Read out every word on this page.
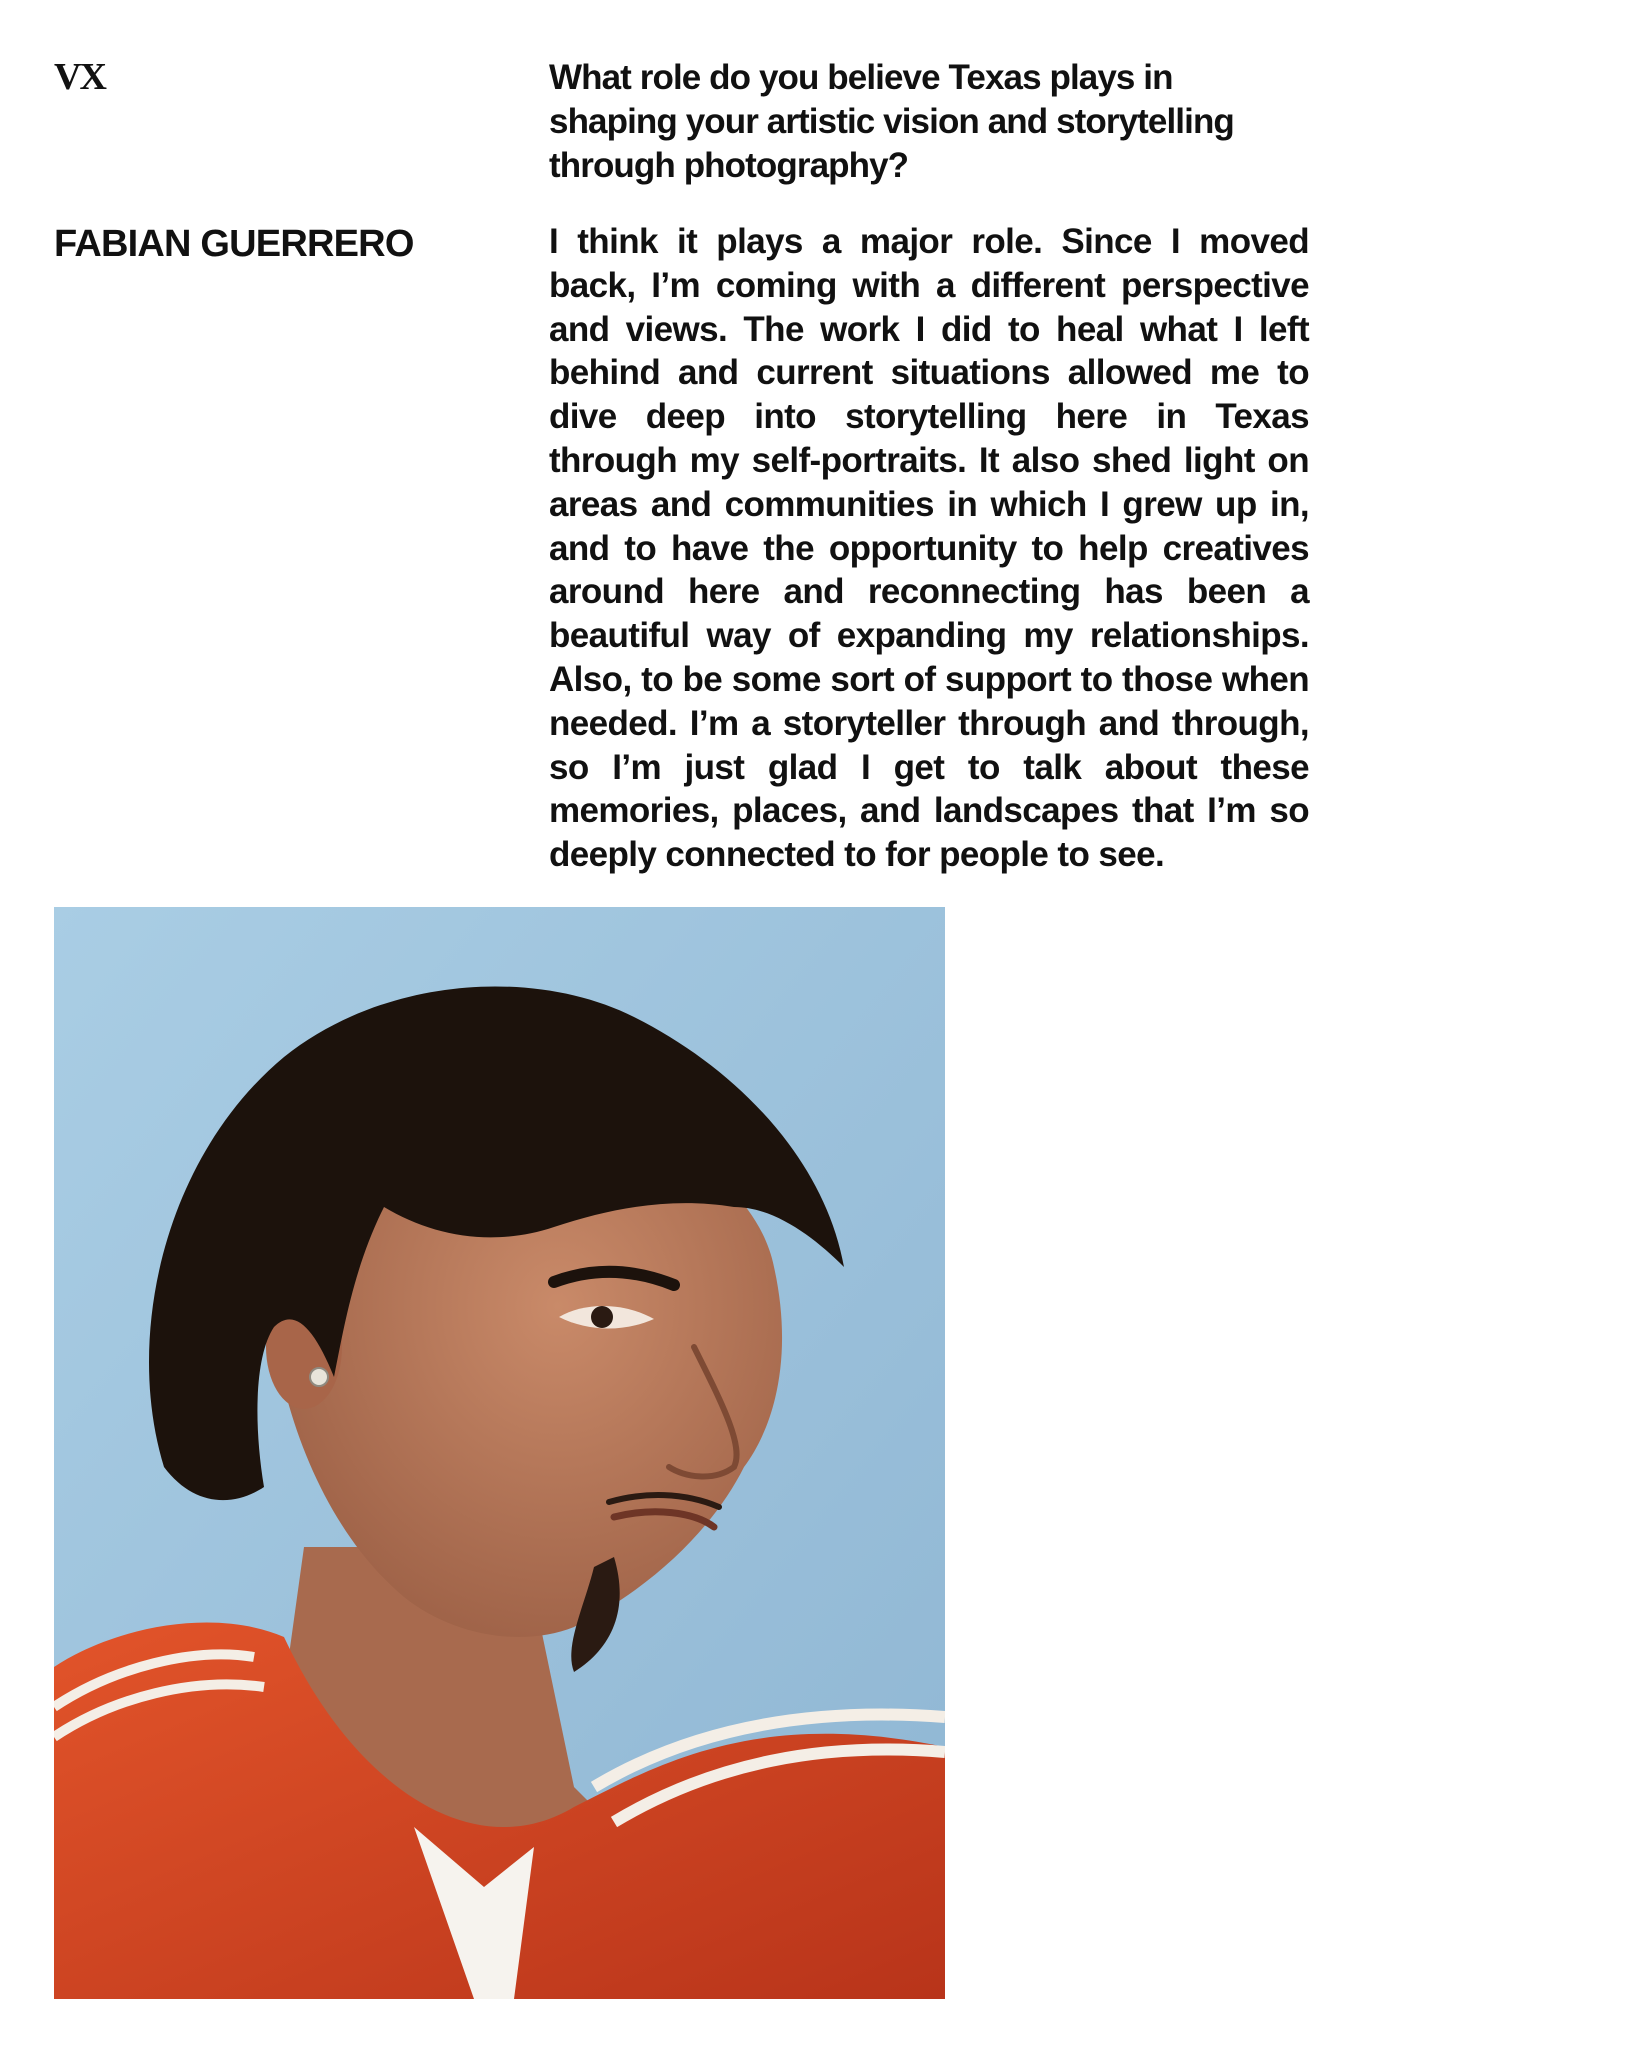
VX
FABIAN GUERRERO

What role do you believe Texas plays in shaping your artistic vision and storytelling through photography?

I think it plays a major role. Since I moved back, I’m coming with a different perspective and views. The work I did to heal what I left behind and current situations allowed me to dive deep into storytelling here in Texas through my self-portraits. It also shed light on areas and communities in which I grew up in, and to have the opportunity to help creatives around here and reconnecting has been a beautiful way of expanding my relationships. Also, to be some sort of support to those when needed. I’m a storyteller through and through, so I’m just glad I get to talk about these memories, places, and landscapes that I’m so deeply connected to for people to see.
